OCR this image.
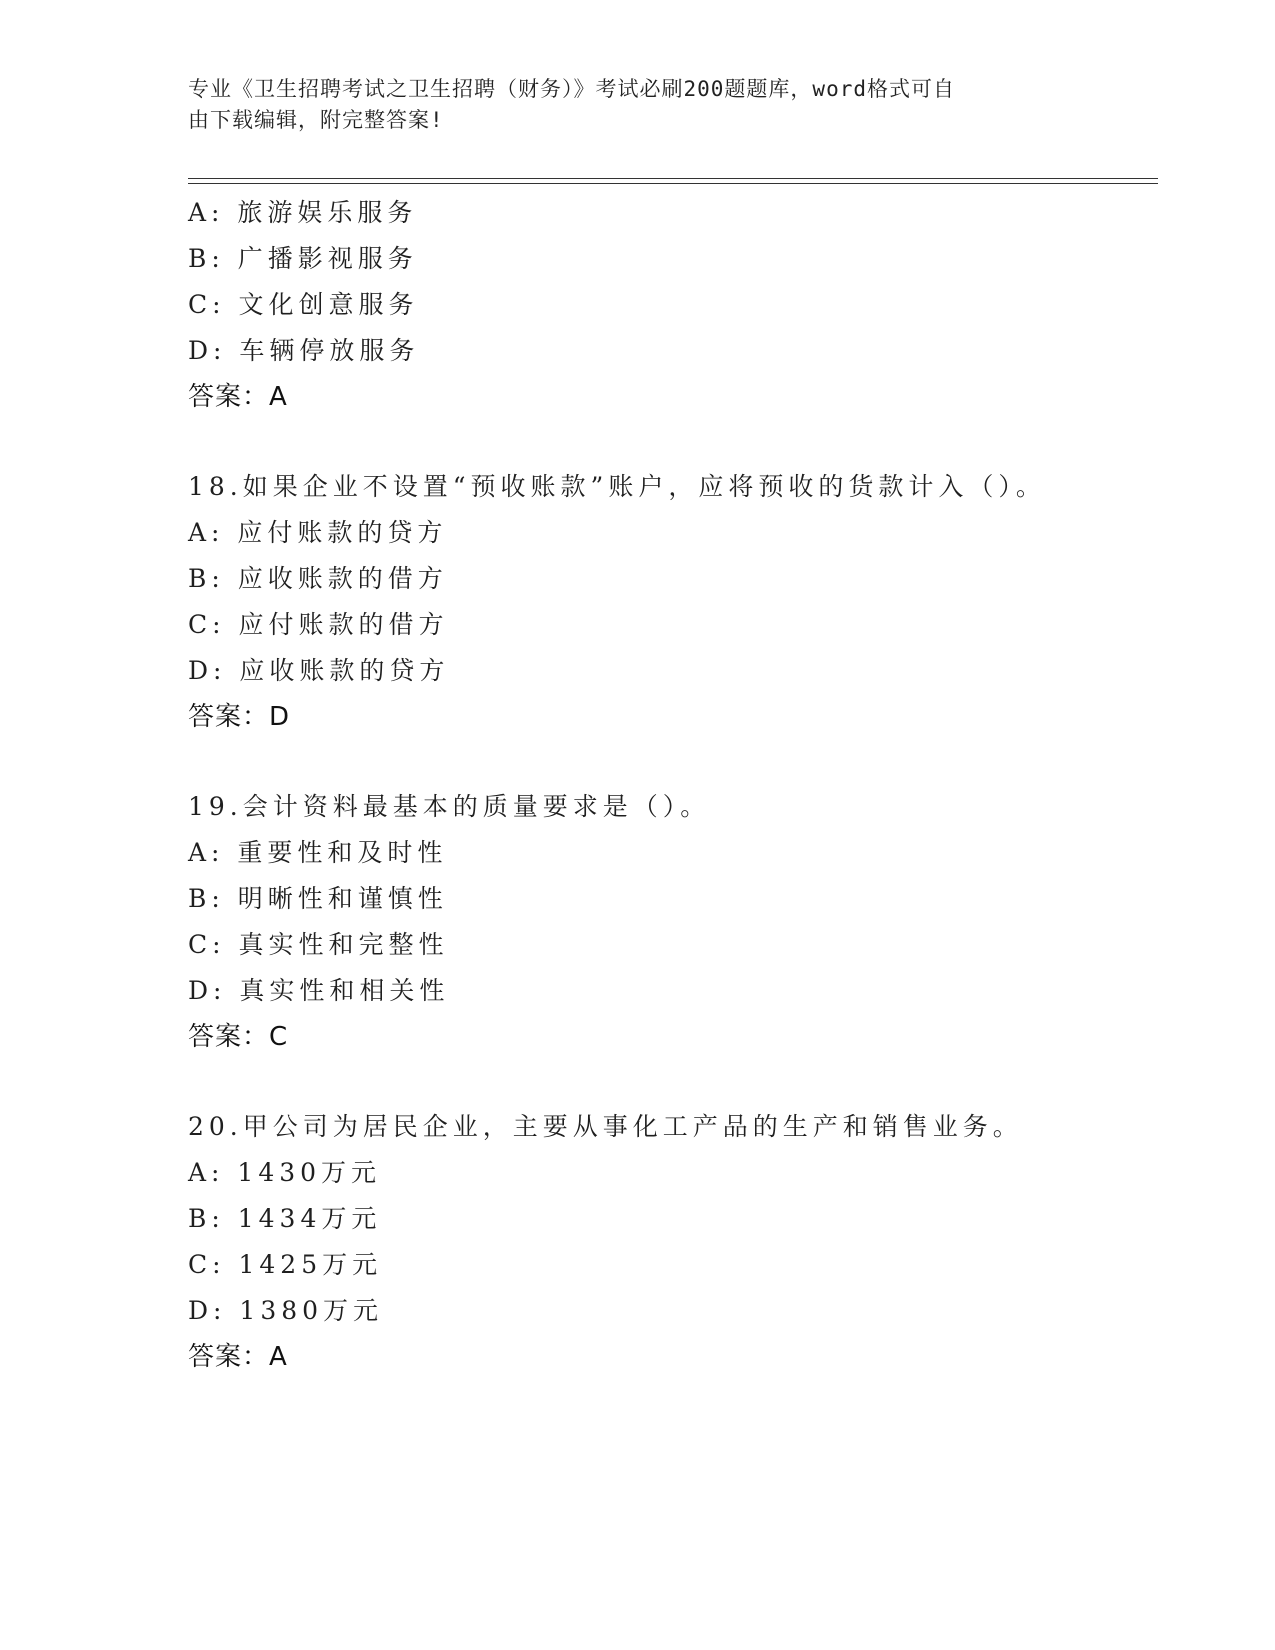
专业《卫生招聘考试之卫生招聘（财务）》考试必刷200题题库，word格式可自
由下载编辑，附完整答案!
A: 旅游娱乐服务
B: 广播影视服务
C: 文化创意服务
D: 车辆停放服务
答案：A
18.如果企业不设置“预收账款”账户，应将预收的货款计入（）。
A: 应付账款的贷方
B: 应收账款的借方
C: 应付账款的借方
D: 应收账款的贷方
答案：D
19.会计资料最基本的质量要求是（）。
A: 重要性和及时性
B: 明晰性和谨慎性
C: 真实性和完整性
D: 真实性和相关性
答案：C
20.甲公司为居民企业，主要从事化工产品的生产和销售业务。
A: 1430万元
B: 1434万元
C: 1425万元
D: 1380万元
答案：A
